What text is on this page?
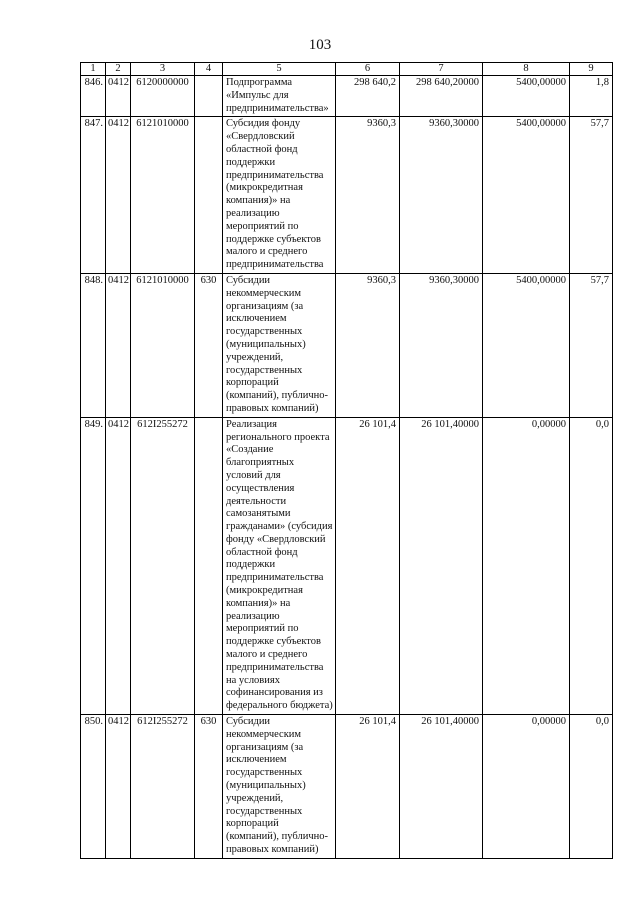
103
1	2	3	4	5	6	7	8	9
846.	0412	6120000000		Подпрограмма «Импульс для предпринимательства»	298 640,2	298 640,20000	5400,00000	1,8
847.	0412	6121010000		Субсидия фонду «Свердловский областной фонд поддержки предпринимательства (микрокредитная компания)» на реализацию мероприятий по поддержке субъектов малого и среднего предпринимательства	9360,3	9360,30000	5400,00000	57,7
848.	0412	6121010000	630	Субсидии некоммерческим организациям (за исключением государственных (муниципальных) учреждений, государственных корпораций (компаний), публично-правовых компаний)	9360,3	9360,30000	5400,00000	57,7
849.	0412	612I255272		Реализация регионального проекта «Создание благоприятных условий для осуществления деятельности самозанятыми гражданами» (субсидия фонду «Свердловский областной фонд поддержки предпринимательства (микрокредитная компания)» на реализацию мероприятий по поддержке субъектов малого и среднего предпринимательства на условиях софинансирования из федерального бюджета)	26 101,4	26 101,40000	0,00000	0,0
850.	0412	612I255272	630	Субсидии некоммерческим организациям (за исключением государственных (муниципальных) учреждений, государственных корпораций (компаний), публично-правовых компаний)	26 101,4	26 101,40000	0,00000	0,0
